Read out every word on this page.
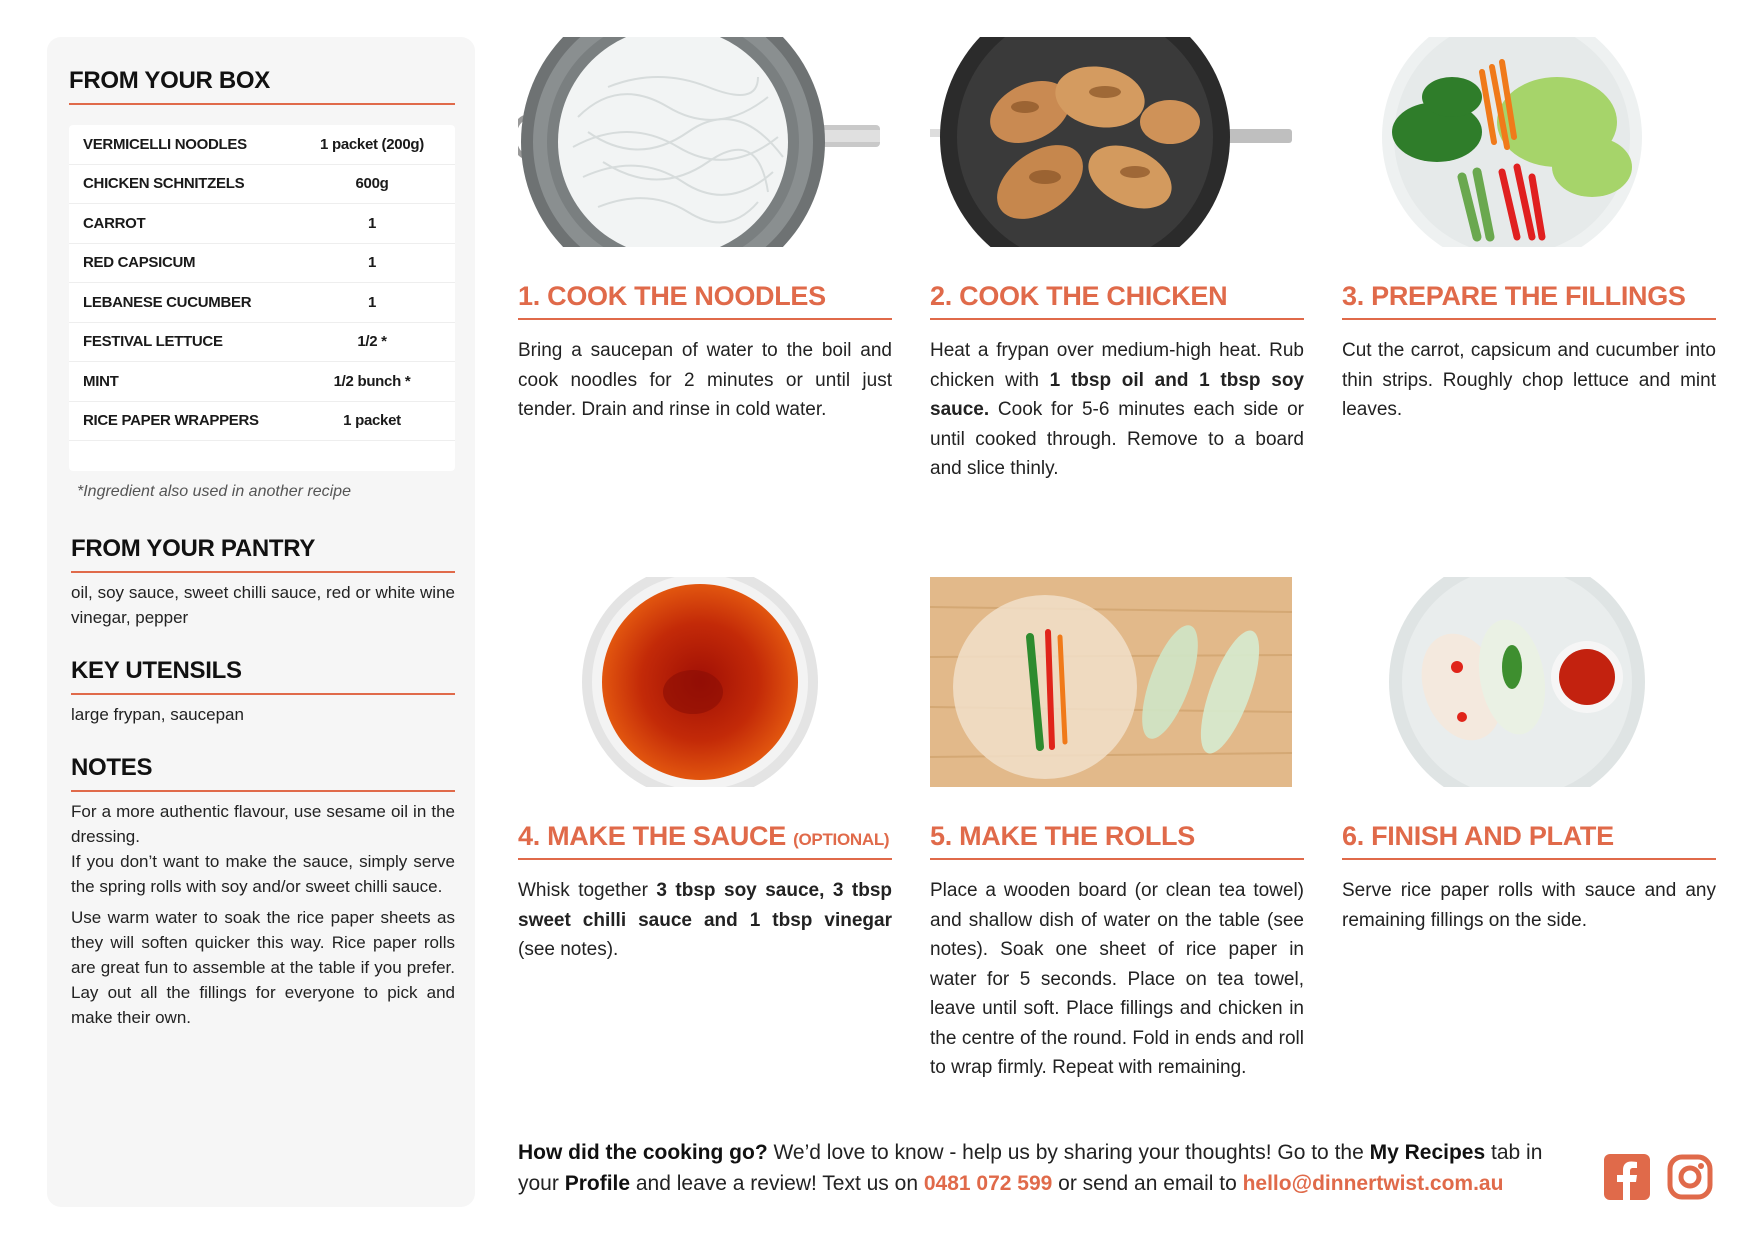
FROM YOUR BOX
VERMICELLI NOODLES	1 packet (200g)
CHICKEN SCHNITZELS	600g
CARROT	1
RED CAPSICUM	1
LEBANESE CUCUMBER	1
FESTIVAL LETTUCE	1/2 *
MINT	1/2 bunch *
RICE PAPER WRAPPERS	1 packet
*Ingredient also used in another recipe
FROM YOUR PANTRY
oil, soy sauce, sweet chilli sauce, red or white wine vinegar, pepper
KEY UTENSILS
large frypan, saucepan
NOTES

For a more authentic flavour, use sesame oil in the dressing.

If you don’t want to make the sauce, simply serve the spring rolls with soy and/or sweet chilli sauce.

Use warm water to soak the rice paper sheets as they will soften quicker this way. Rice paper rolls are great fun to assemble at the table if you prefer. Lay out all the fillings for everyone to pick and make their own.

1. COOK THE NOODLES	2. COOK THE CHICKEN	3. PREPARE THE FILLINGS
4. MAKE THE SAUCE (OPTIONAL) 5. MAKE THE ROLLS	6. FINISH AND PLATE
Bring a saucepan of water to the boil and cook noodles for 2 minutes or until just tender. Drain and rinse in cold water.
Heat a frypan over medium-high heat. Rub chicken with 1 tbsp oil and 1 tbsp soy sauce. Cook for 5-6 minutes each side or until cooked through. Remove to a board and slice thinly.
Cut the carrot, capsicum and cucumber into thin strips. Roughly chop lettuce and mint leaves.
Whisk together 3 tbsp soy sauce, 3 tbsp sweet chilli sauce and 1 tbsp vinegar (see notes).
Place a wooden board (or clean tea towel) and shallow dish of water on the table (see notes). Soak one sheet of rice paper in water for 5 seconds. Place on tea towel, leave until soft. Place fillings and chicken in the centre of the round. Fold in ends and roll to wrap firmly. Repeat with remaining.
Serve rice paper rolls with sauce and any remaining fillings on the side.
How did the cooking go? We’d love to know - help us by sharing your thoughts! Go to the My Recipes tab in your Profile and leave a review! Text us on 0481 072 599 or send an email to hello@dinnertwist.com.au
